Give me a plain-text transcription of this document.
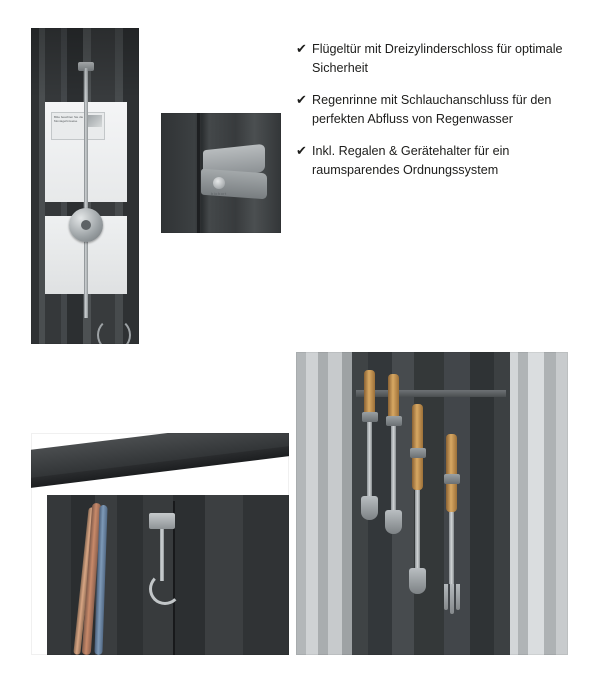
Bitte beachten Sie die Montagehinweise
biohort
✔ Flügeltür mit Dreizylinderschloss für optimale Sicherheit
✔ Regenrinne mit Schlauchanschluss für den perfekten Abfluss von Regenwasser
✔ Inkl. Regalen & Gerätehalter für ein raumsparendes Ordnungssystem
